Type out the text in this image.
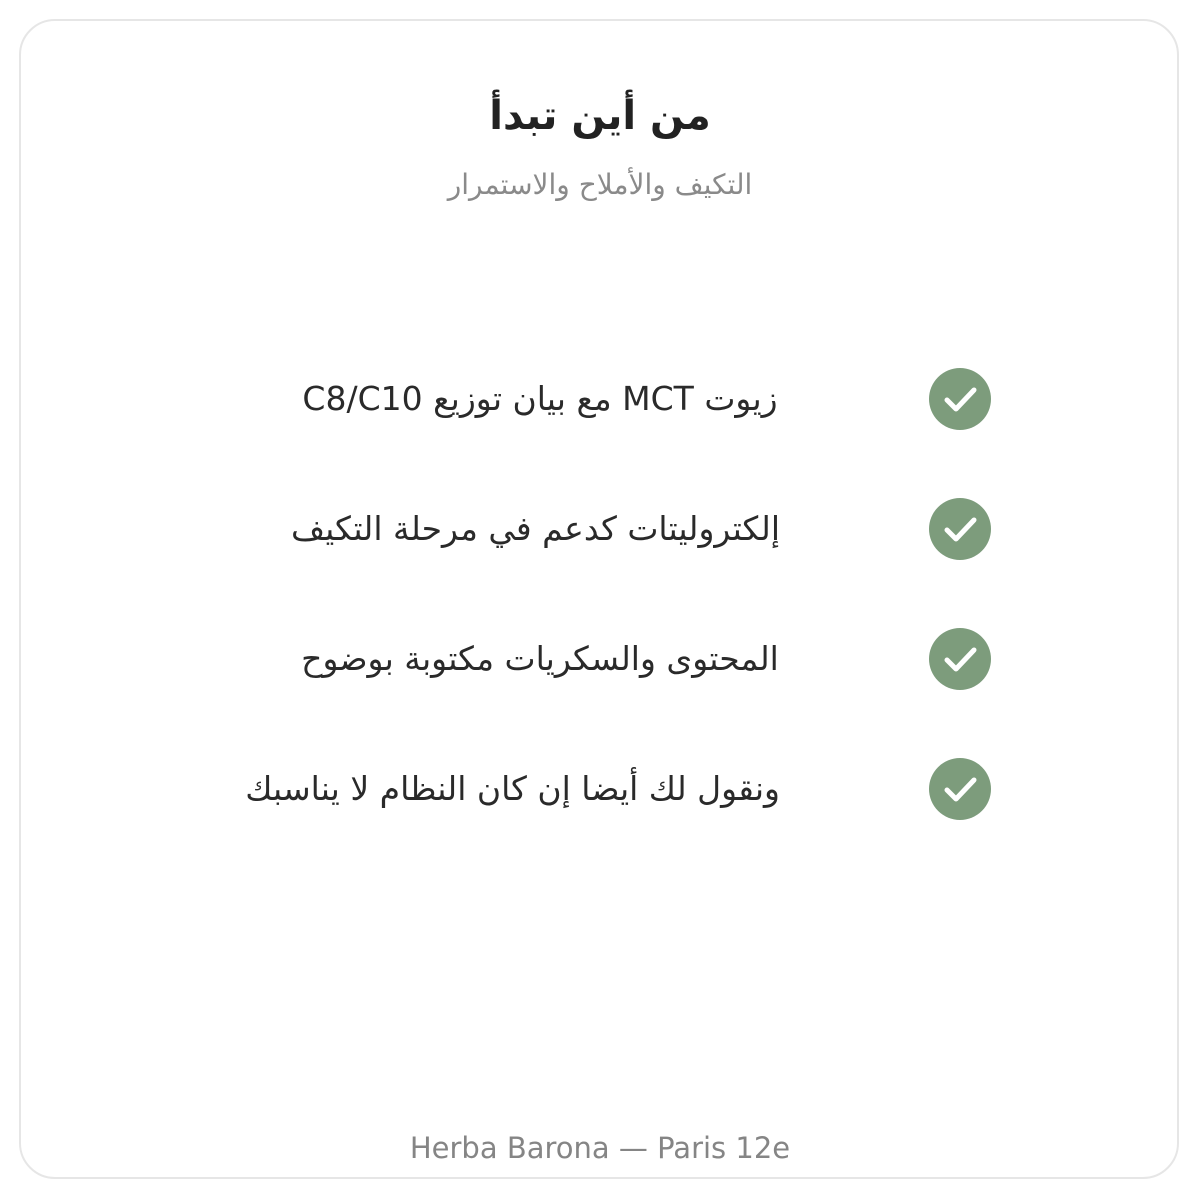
من أين تبدأ
التكيف والأملاح والاستمرار
زيوت MCT مع بيان توزيع C8/C10
إلكتروليتات كدعم في مرحلة التكيف
المحتوى والسكريات مكتوبة بوضوح
ونقول لك أيضا إن كان النظام لا يناسبك
Herba Barona — Paris 12e
